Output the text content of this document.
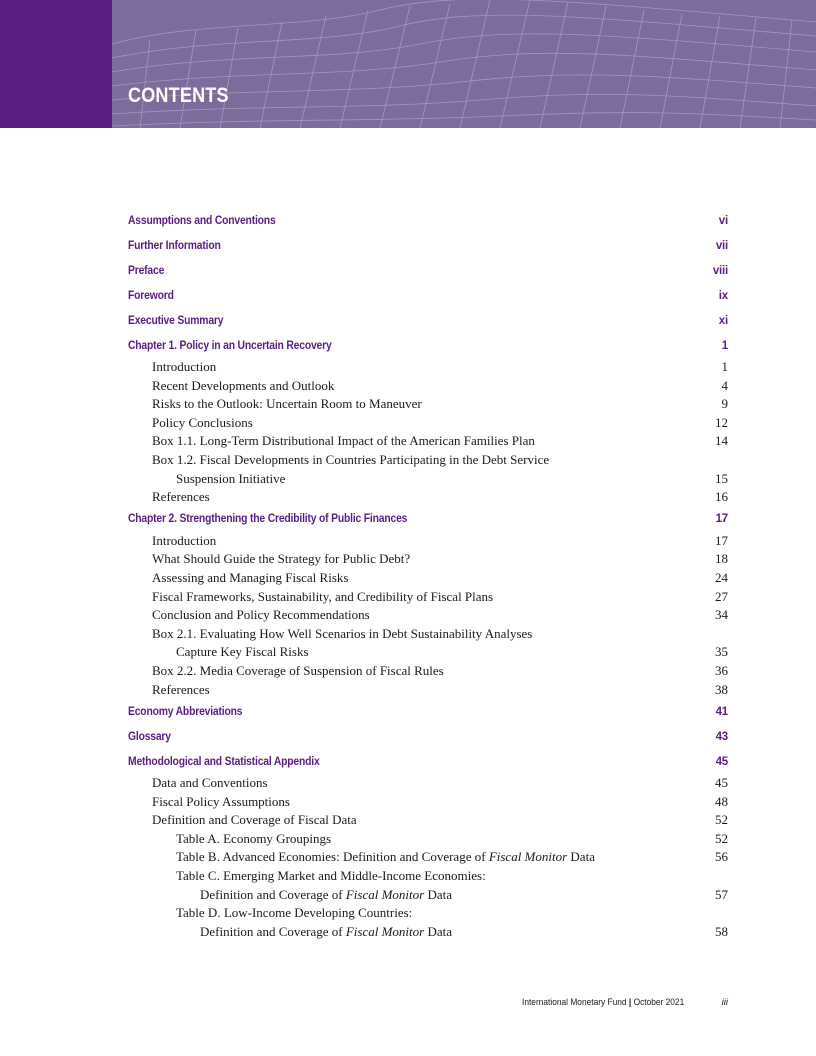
CONTENTS
Assumptions and Conventions	vi
Further Information	vii
Preface	viii
Foreword	ix
Executive Summary	xi
Chapter 1. Policy in an Uncertain Recovery	1
Introduction	1
Recent Developments and Outlook	4
Risks to the Outlook: Uncertain Room to Maneuver	9
Policy Conclusions	12
Box 1.1. Long-Term Distributional Impact of the American Families Plan	14
Box 1.2. Fiscal Developments in Countries Participating in the Debt Service
Suspension Initiative	15
References	16
Chapter 2. Strengthening the Credibility of Public Finances	17
Introduction	17
What Should Guide the Strategy for Public Debt?	18
Assessing and Managing Fiscal Risks	24
Fiscal Frameworks, Sustainability, and Credibility of Fiscal Plans	27
Conclusion and Policy Recommendations	34
Box 2.1. Evaluating How Well Scenarios in Debt Sustainability Analyses
Capture Key Fiscal Risks	35
Box 2.2. Media Coverage of Suspension of Fiscal Rules	36
References	38
Economy Abbreviations	41
Glossary	43
Methodological and Statistical Appendix	45
Data and Conventions	45
Fiscal Policy Assumptions	48
Definition and Coverage of Fiscal Data	52
Table A. Economy Groupings	52
Table B. Advanced Economies: Definition and Coverage of Fiscal Monitor Data	56
Table C. Emerging Market and Middle-Income Economies:
Definition and Coverage of Fiscal Monitor Data	57
Table D. Low-Income Developing Countries:
Definition and Coverage of Fiscal Monitor Data	58
International Monetary Fund | October 2021	iii
